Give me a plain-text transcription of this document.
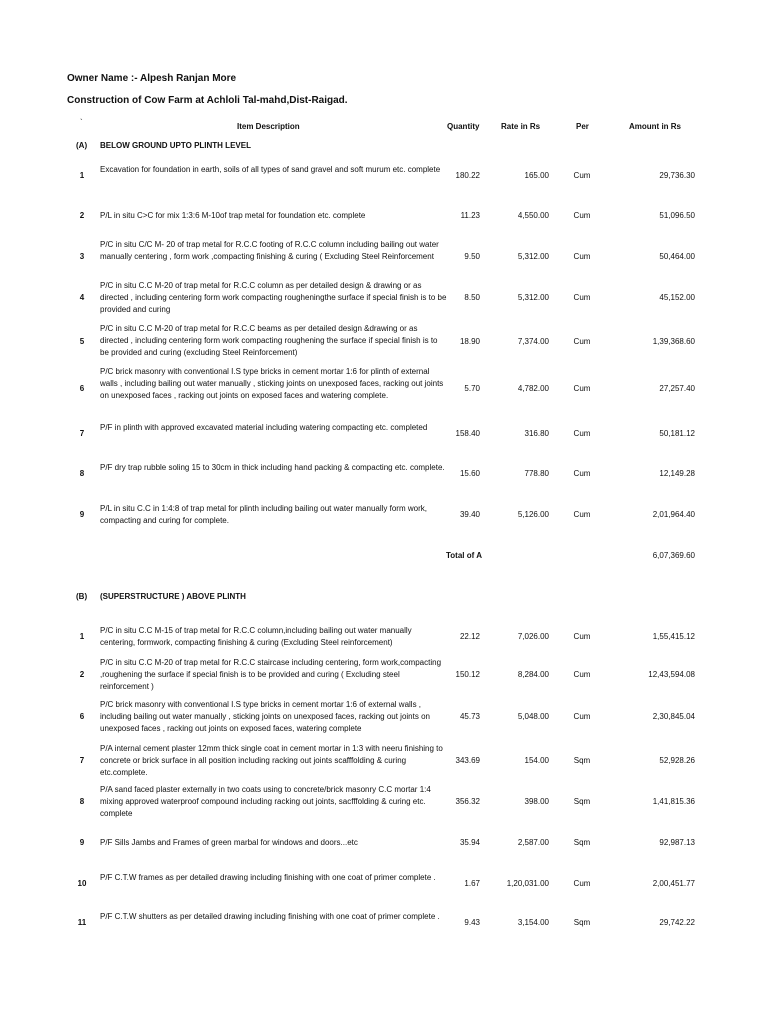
Owner Name :- Alpesh Ranjan More
Construction of Cow Farm at Achloli Tal-mahd,Dist-Raigad.
`	Item Description	Quantity	Rate in Rs	Per	Amount in Rs
(A) BELOW GROUND UPTO PLINTH LEVEL
1
Excavation for foundation in earth, soils of all types of sand gravel and soft murum etc. complete
180.22	165.00	Cum	29,736.30
2	P/L in situ C>C for mix 1:3:6 M-10of trap metal for foundation etc. complete	11.23	4,550.00	Cum	51,096.50
3
P/C in situ C/C M- 20 of trap metal for R.C.C footing of R.C.C column including bailing out water manually centering , form work ,compacting finishing & curing ( Excluding Steel Reinforcement	9.50	5,312.00	Cum	50,464.00
4
P/C in situ C.C M-20 of trap metal for R.C.C column as per detailed design & drawing or as directed , including centering form work compacting rougheningthe surface if special finish is to be provided and curing
8.50	5,312.00	Cum	45,152.00
5
P/C in situ C.C M-20 of trap metal for R.C.C beams as per detailed design &drawing or as directed , including centering form work compacting roughening the surface if special finish is to be provided and curing (excluding Steel Reinforcement)
18.90	7,374.00	Cum	1,39,368.60
6
P/C brick masonry with conventional I.S type bricks in cement mortar 1:6 for plinth of external walls , including bailing out water manually , sticking joints on unexposed faces, racking out joints on unexposed faces , racking out joints on exposed faces and watering complete.
5.70	4,782.00	Cum	27,257.40
7
P/F in plinth with approved excavated material including watering compacting etc. completed
158.40	316.80	Cum	50,181.12
8
P/F dry trap rubble soling 15 to 30cm in thick including hand packing & compacting etc. complete.
15.60	778.80	Cum	12,149.28
9
P/L in situ C.C in 1:4:8 of trap metal for plinth including bailing out water manually form work, compacting and curing for complete.
39.40	5,126.00	Cum	2,01,964.40
Total of A	6,07,369.60
(B) (SUPERSTRUCTURE ) ABOVE PLINTH
1
P/C in situ C.C M-15 of trap metal for R.C.C column,including bailing out water manually centering, formwork, compacting finishing & curing (Excluding Steel reinforcement)
22.12	7,026.00	Cum	1,55,415.12
2
P/C in situ C.C M-20 of trap metal for R.C.C staircase including centering, form work,compacting ,roughening the surface if special finish is to be provided and curing ( Excluding steel reinforcement )
150.12	8,284.00	Cum	12,43,594.08
6
P/C brick masonry with conventional I.S type bricks in cement mortar 1:6 of external walls , including bailing out water manually , sticking joints on unexposed faces, racking out joints on unexposed faces , racking out joints on exposed faces, watering complete
45.73	5,048.00	Cum	2,30,845.04
7
P/A internal cement plaster 12mm thick single coat in cement mortar in 1:3 with neeru finishing to concrete or brick surface in all position including racking out joints scafffolding & curing etc.complete.
343.69	154.00	Sqm	52,928.26
8
P/A sand faced plaster externally in two coats using to concrete/brick masonry C.C mortar 1:4 mixing approved waterproof compound including racking out joints, sacfffolding & curing etc. complete
356.32	398.00	Sqm	1,41,815.36
9	P/F Sills Jambs and Frames of green marbal for windows and doors...etc	35.94	2,587.00	Sqm	92,987.13
10
P/F C.T.W frames as per detailed drawing including finishing with one coat of primer complete .
1.67	1,20,031.00	Cum	2,00,451.77
11
P/F C.T.W shutters as per detailed drawing including finishing with one coat of primer complete .
9.43	3,154.00	Sqm	29,742.22
